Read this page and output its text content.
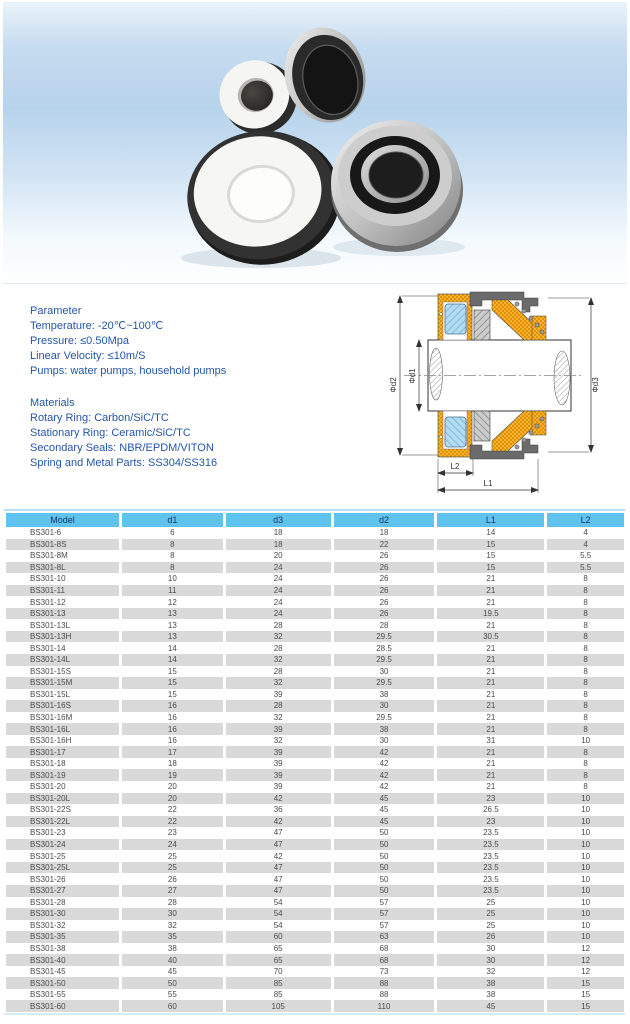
Parameter
Temperature: -20℃~100℃
Pressure: ≤0.50Mpa
Linear Velocity: ≤10m/S
Pumps: water pumps, household pumps
Materials
Rotary Ring: Carbon/SiC/TC
Stationary Ring: Ceramic/SiC/TC
Secondary Seals: NBR/EPDM/VITON
Spring and Metal Parts: SS304/SS316
Φd2
Φd1
Φd3
L2
L1
Model	d1	d3	d2	L1	L2
BS301-6	6	18	18	14	4
BS301-8S	8	18	22	15	4
BS301-8M	8	20	26	15	5.5
BS301-8L	8	24	26	15	5.5
BS301-10	10	24	26	21	8
BS301-11	11	24	26	21	8
BS301-12	12	24	26	21	8
BS301-13	13	24	26	19.5	8
BS301-13L	13	28	28	21	8
BS301-13H	13	32	29.5	30.5	8
BS301-14	14	28	28.5	21	8
BS301-14L	14	32	29.5	21	8
BS301-15S	15	28	30	21	8
BS301-15M	15	32	29.5	21	8
BS301-15L	15	39	38	21	8
BS301-16S	16	28	30	21	8
BS301-16M	16	32	29.5	21	8
BS301-16L	16	39	38	21	8
BS301-16H	16	32	30	31	10
BS301-17	17	39	42	21	8
BS301-18	18	39	42	21	8
BS301-19	19	39	42	21	8
BS301-20	20	39	42	21	8
BS301-20L	20	42	45	23	10
BS301-22S	22	36	45	26.5	10
BS301-22L	22	42	45	23	10
BS301-23	23	47	50	23.5	10
BS301-24	24	47	50	23.5	10
BS301-25	25	42	50	23.5	10
BS301-25L	25	47	50	23.5	10
BS301-26	26	47	50	23.5	10
BS301-27	27	47	50	23.5	10
BS301-28	28	54	57	25	10
BS301-30	30	54	57	25	10
BS301-32	32	54	57	25	10
BS301-35	35	60	63	26	10
BS301-38	38	65	68	30	12
BS301-40	40	65	68	30	12
BS301-45	45	70	73	32	12
BS301-50	50	85	88	38	15
BS301-55	55	85	88	38	15
BS301-60	60	105	110	45	15
